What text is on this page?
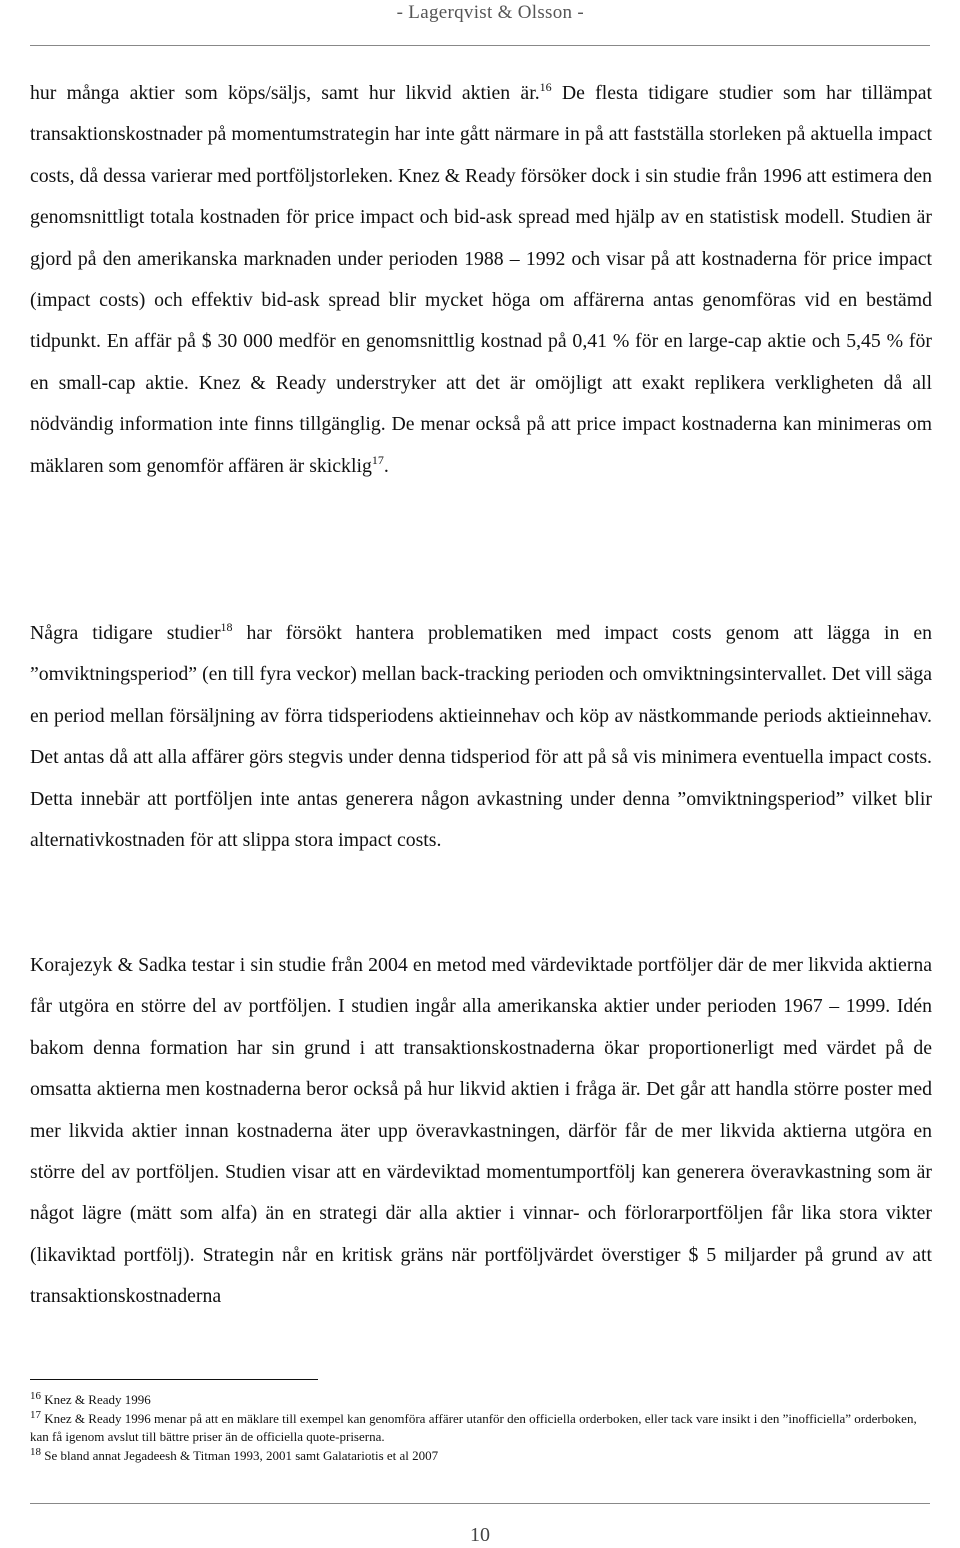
- Lagerqvist & Olsson -

hur många aktier som köps/säljs, samt hur likvid aktien är.$^{16}$ De flesta tidigare studier som har tillämpat transaktionskostnader på momentumstrategin har inte gått närmare in på att fastställa storleken på aktuella impact costs, då dessa varierar med portföljstorleken. Knez & Ready försöker dock i sin studie från 1996 att estimera den genomsnittligt totala kostnaden för price impact och bid-ask spread med hjälp av en statistisk modell. Studien är gjord på den amerikanska marknaden under perioden 1988 – 1992 och visar på att kostnaderna för price impact (impact costs) och effektiv bid-ask spread blir mycket höga om affärerna antas genomföras vid en bestämd tidpunkt. En affär på $ 30 000 medför en genomsnittlig kostnad på 0,41 % för en large-cap aktie och 5,45 % för en small-cap aktie. Knez & Ready understryker att det är omöjligt att exakt replikera verkligheten då all nödvändig information inte finns tillgänglig. De menar också på att price impact kostnaderna kan minimeras om mäklaren som genomför affären är skicklig$^{17}$.

Några tidigare studier$^{18}$ har försökt hantera problematiken med impact costs genom att lägga in en ”omviktningsperiod” (en till fyra veckor) mellan back-tracking perioden och omviktningsintervallet. Det vill säga en period mellan försäljning av förra tidsperiodens aktieinnehav och köp av nästkommande periods aktieinnehav. Det antas då att alla affärer görs stegvis under denna tidsperiod för att på så vis minimera eventuella impact costs. Detta innebär att portföljen inte antas generera någon avkastning under denna ”omviktningsperiod” vilket blir alternativkostnaden för att slippa stora impact costs.

Korajezyk & Sadka testar i sin studie från 2004 en metod med värdeviktade portföljer där de mer likvida aktierna får utgöra en större del av portföljen. I studien ingår alla amerikanska aktier under perioden 1967 – 1999. Idén bakom denna formation har sin grund i att transaktionskostnaderna ökar proportionerligt med värdet på de omsatta aktierna men kostnaderna beror också på hur likvid aktien i fråga är. Det går att handla större poster med mer likvida aktier innan kostnaderna äter upp överavkastningen, därför får de mer likvida aktierna utgöra en större del av portföljen. Studien visar att en värdeviktad momentumportfölj kan generera överavkastning som är något lägre (mätt som alfa) än en strategi där alla aktier i vinnar- och förlorarportföljen får lika stora vikter (likaviktad portfölj). Strategin når en kritisk gräns när portföljvärdet överstiger $ 5 miljarder på grund av att transaktionskostnaderna

$^{16}$ Knez & Ready 1996

$^{17}$ Knez & Ready 1996 menar på att en mäklare till exempel kan genomföra affärer utanför den officiella orderboken, eller tack vare insikt i den ”inofficiella” orderboken, kan få igenom avslut till bättre priser än de officiella quote-priserna.

$^{18}$ Se bland annat Jegadeesh & Titman 1993, 2001 samt Galatariotis et al 2007

10
